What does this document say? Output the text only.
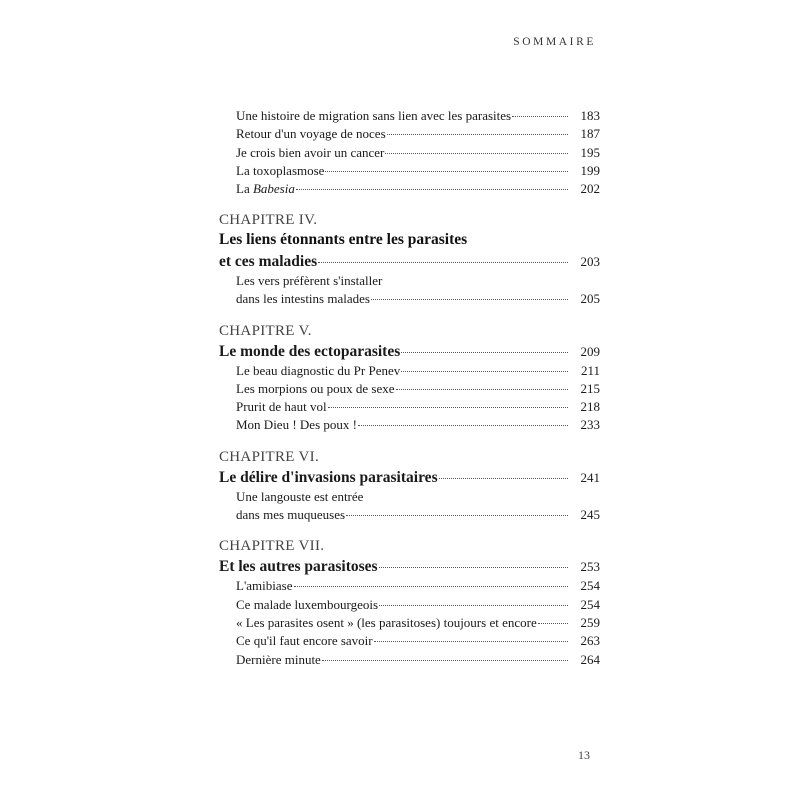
SOMMAIRE
Une histoire de migration sans lien avec les parasites	183
Retour d'un voyage de noces	187
Je crois bien avoir un cancer	195
La toxoplasmose	199
La Babesia	202
CHAPITRE IV.
Les liens étonnants entre les parasites
et ces maladies	203
Les vers préfèrent s'installer
dans les intestins malades	205
CHAPITRE V.
Le monde des ectoparasites	209
Le beau diagnostic du Pr Penev	211
Les morpions ou poux de sexe	215
Prurit de haut vol	218
Mon Dieu ! Des poux !	233
CHAPITRE VI.
Le délire d'invasions parasitaires	241
Une langouste est entrée
dans mes muqueuses	245
CHAPITRE VII.
Et les autres parasitoses	253
L'amibiase	254
Ce malade luxembourgeois	254
« Les parasites osent » (les parasitoses) toujours et encore	259
Ce qu'il faut encore savoir	263
Dernière minute	264
13
